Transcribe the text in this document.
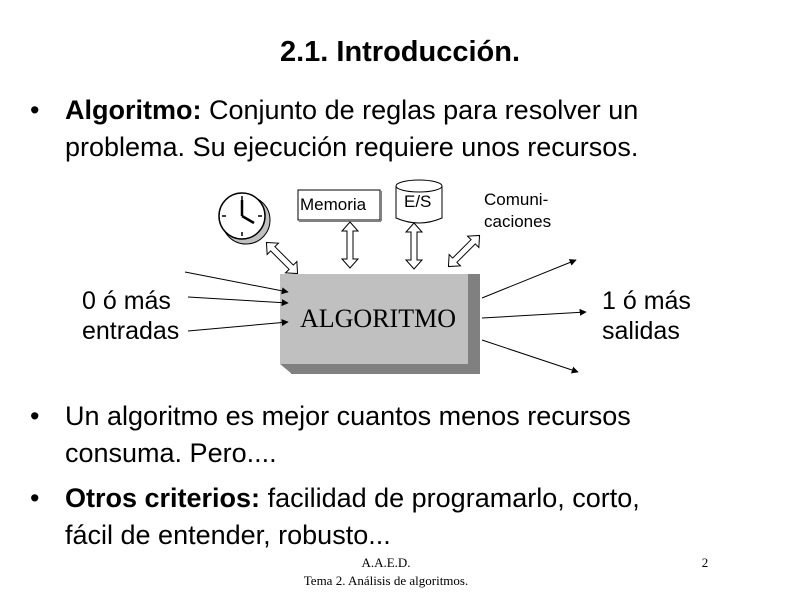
2.1. Introducción.
• Algoritmo: Conjunto de reglas para resolver un
problema. Su ejecución requiere unos recursos.
Memoria E/S	Comuni-
caciones
ALGORITMO
0 ó más
entradas
1 ó más
salidas
• Un algoritmo es mejor cuantos menos recursos
consuma. Pero....
• Otros criterios: facilidad de programarlo, corto,
fácil de entender, robusto...
A.A.E.D.
Tema 2. Análisis de algoritmos.
2
